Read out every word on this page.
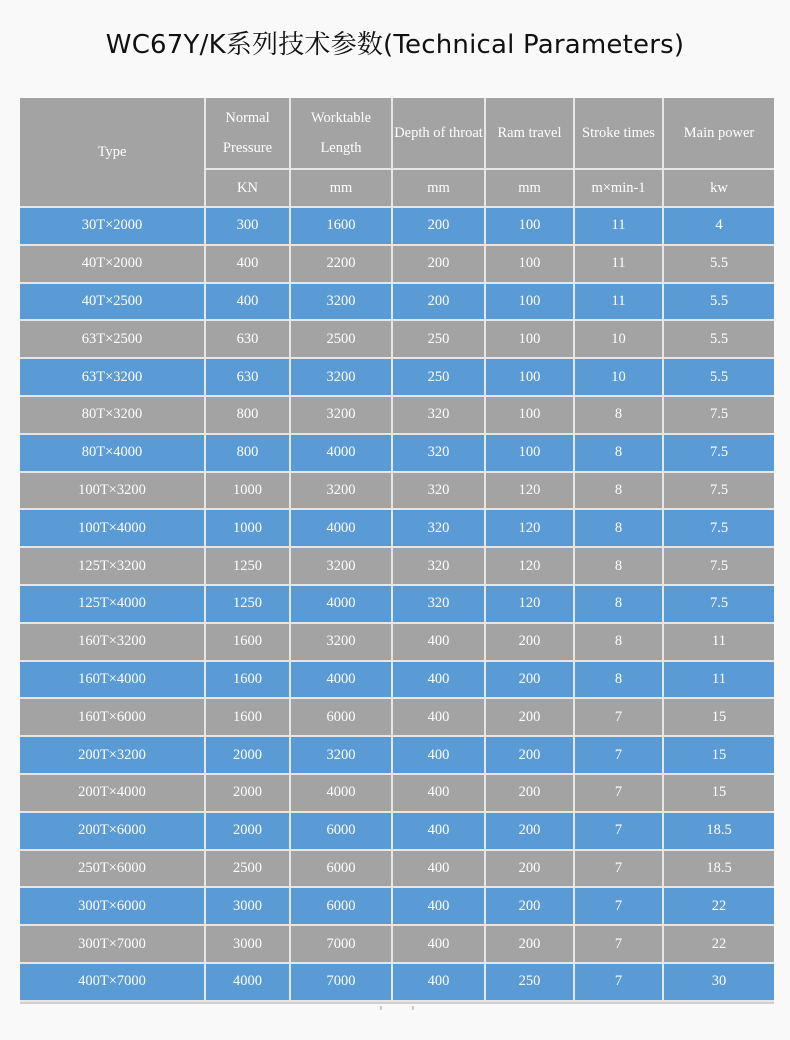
WC67Y/K系列技术参数(Technical Parameters)
Type	Normal Pressure	Worktable Length	Depth of throat	Ram travel	Stroke times	Main power
	KN	mm	mm	mm	m×min-1	kw
30T×2000	300	1600	200	100	11	4
40T×2000	400	2200	200	100	11	5.5
40T×2500	400	3200	200	100	11	5.5
63T×2500	630	2500	250	100	10	5.5
63T×3200	630	3200	250	100	10	5.5
80T×3200	800	3200	320	100	8	7.5
80T×4000	800	4000	320	100	8	7.5
100T×3200	1000	3200	320	120	8	7.5
100T×4000	1000	4000	320	120	8	7.5
125T×3200	1250	3200	320	120	8	7.5
125T×4000	1250	4000	320	120	8	7.5
160T×3200	1600	3200	400	200	8	11
160T×4000	1600	4000	400	200	8	11
160T×6000	1600	6000	400	200	7	15
200T×3200	2000	3200	400	200	7	15
200T×4000	2000	4000	400	200	7	15
200T×6000	2000	6000	400	200	7	18.5
250T×6000	2500	6000	400	200	7	18.5
300T×6000	3000	6000	400	200	7	22
300T×7000	3000	7000	400	200	7	22
400T×7000	4000	7000	400	250	7	30
